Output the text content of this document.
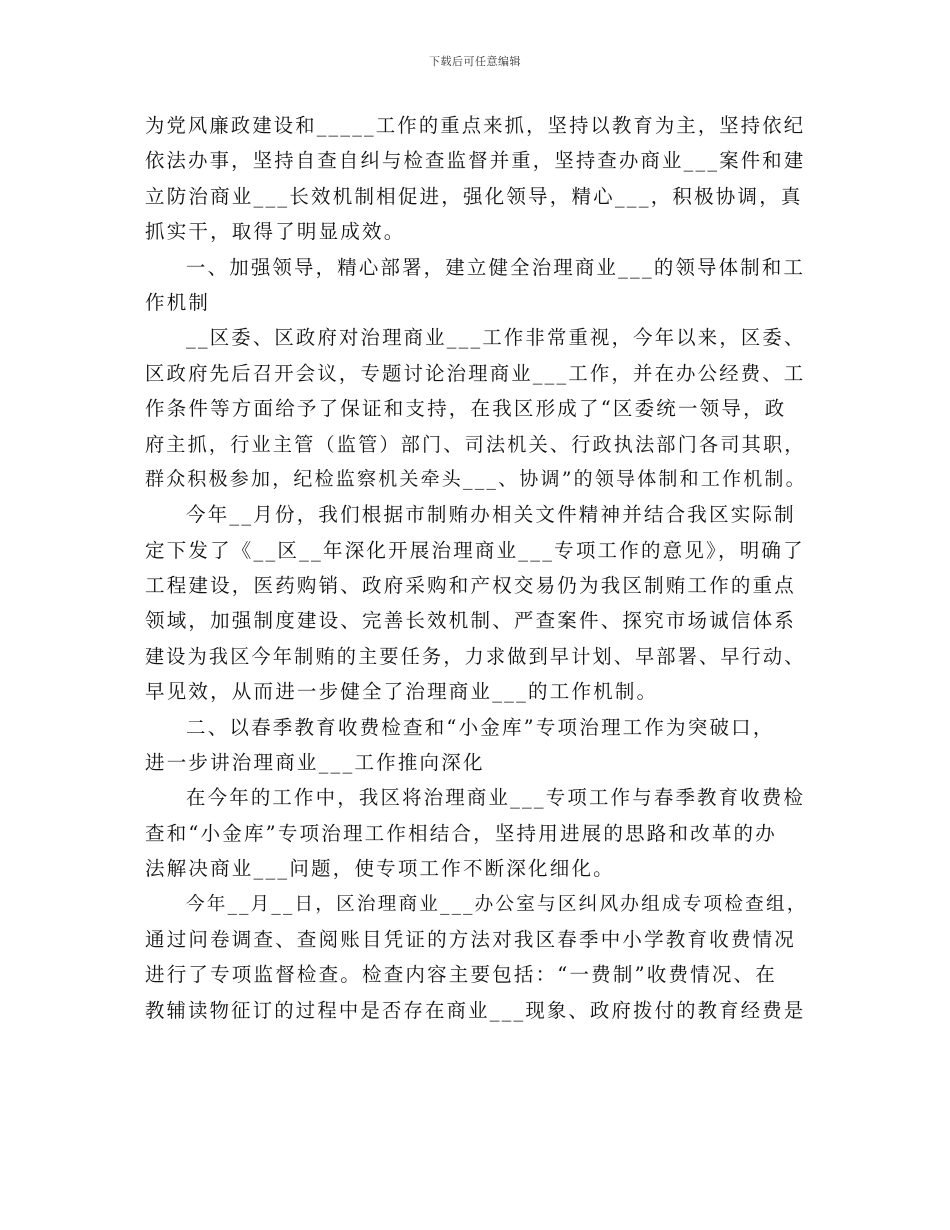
下载后可任意编辑
为党风廉政建设和_____工作的重点来抓，坚持以教育为主，坚持依纪
依法办事，坚持自查自纠与检查监督并重，坚持查办商业___案件和建
立防治商业___长效机制相促进，强化领导，精心___，积极协调，真
抓实干，取得了明显成效。
一、加强领导，精心部署，建立健全治理商业___的领导体制和工
作机制
__区委、区政府对治理商业___工作非常重视，今年以来，区委、
区政府先后召开会议，专题讨论治理商业___工作，并在办公经费、工
作条件等方面给予了保证和支持，在我区形成了“区委统一领导，政
府主抓，行业主管（监管）部门、司法机关、行政执法部门各司其职，
群众积极参加，纪检监察机关牵头___、协调”的领导体制和工作机制。
今年__月份，我们根据市制贿办相关文件精神并结合我区实际制
定下发了《__区__年深化开展治理商业___专项工作的意见》，明确了
工程建设，医药购销、政府采购和产权交易仍为我区制贿工作的重点
领域，加强制度建设、完善长效机制、严查案件、探究市场诚信体系
建设为我区今年制贿的主要任务，力求做到早计划、早部署、早行动、
早见效，从而进一步健全了治理商业___的工作机制。
二、以春季教育收费检查和“小金库”专项治理工作为突破口，
进一步讲治理商业___工作推向深化
在今年的工作中，我区将治理商业___专项工作与春季教育收费检
查和“小金库”专项治理工作相结合，坚持用进展的思路和改革的办
法解决商业___问题，使专项工作不断深化细化。
今年__月__日，区治理商业___办公室与区纠风办组成专项检查组，
通过问卷调查、查阅账目凭证的方法对我区春季中小学教育收费情况
进行了专项监督检查。检查内容主要包括：“一费制”收费情况、在
教辅读物征订的过程中是否存在商业___现象、政府拨付的教育经费是
